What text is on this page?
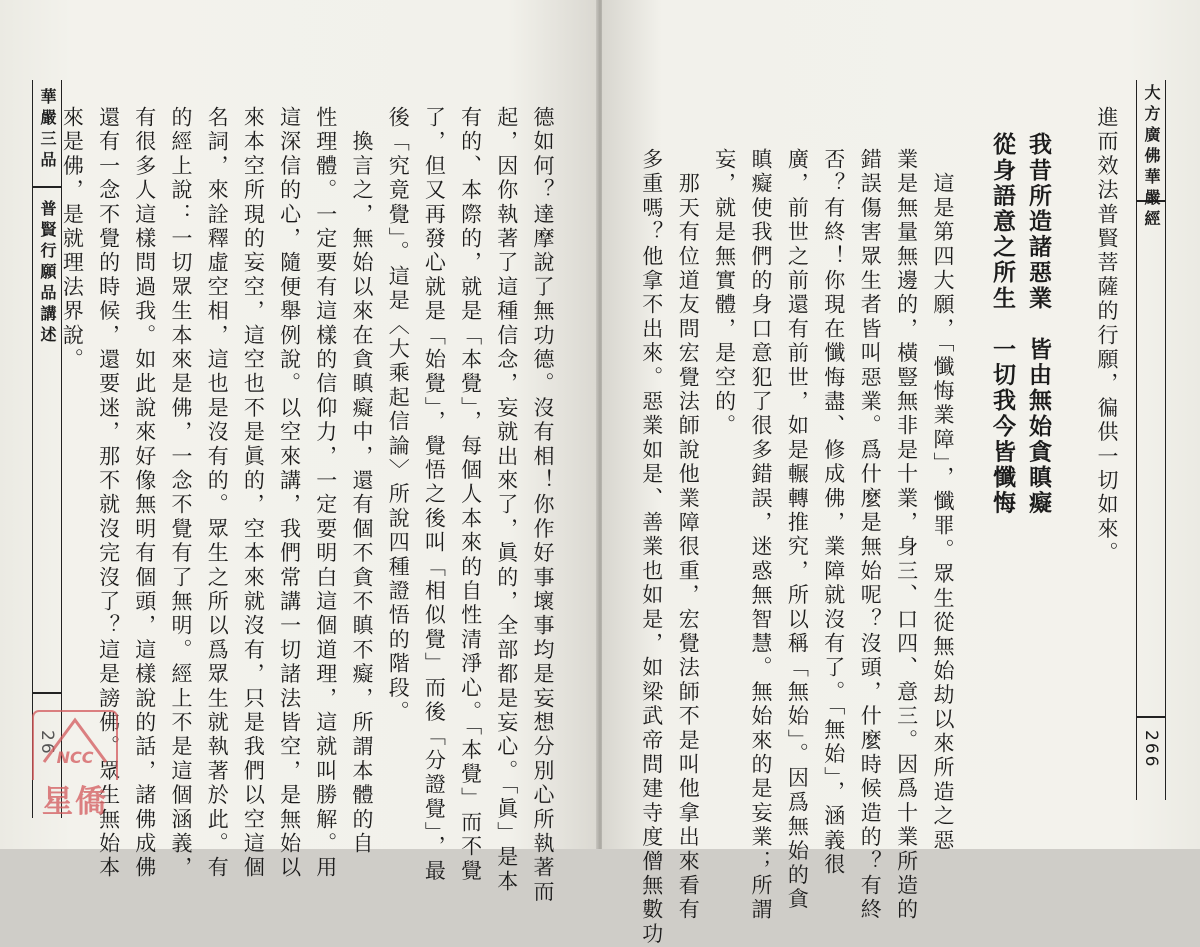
華嚴三品
普賢行願品講述
26	德如何？達摩說了無功德。沒有相！你作好事壞事均是妄想分別心所執著而
起，因你執著了這種信念，妄就出來了，眞的，全部都是妄心。「眞」是本
有的、本際的，就是「本覺」，每個人本來的自性清淨心。「本覺」而不覺
了，但又再發心就是「始覺」，覺悟之後叫「相似覺」而後「分證覺」，最
後「究竟覺」。這是〈大乘起信論〉所說四種證悟的階段。
　換言之，無始以來在貪瞋癡中，還有個不貪不瞋不癡，所謂本體的自
性理體。一定要有這樣的信仰力，一定要明白這個道理，這就叫勝解。用
這深信的心，隨便舉例說。以空來講，我們常講一切諸法皆空，是無始以
來本空所現的妄空，這空也不是眞的，空本來就沒有，只是我們以空這個
名詞，來詮釋虛空相，這也是沒有的。眾生之所以爲眾生就執著於此。有
的經上說：一切眾生本來是佛，一念不覺有了無明。經上不是這個涵義，
有很多人這樣問過我。如此說來好像無明有個頭，這樣說的話，諸佛成佛
還有一念不覺的時候，還要迷，那不就沒完沒了？這是謗佛。眾生無始本
來是佛，是就理法界說。	進而效法普賢菩薩的行願，徧供一切如來。
我昔所造諸惡業　皆由無始貪瞋癡
從身語意之所生　一切我今皆懺悔
　這是第四大願，「懺悔業障」，懺罪。眾生從無始劫以來所造之惡
業是無量無邊的，橫豎無非是十業，身三、口四、意三。因爲十業所造的
錯誤傷害眾生者皆叫惡業。爲什麼是無始呢？沒頭，什麼時候造的？有終
否？有終！你現在懺悔盡、修成佛，業障就沒有了。「無始」，涵義很
廣，前世之前還有前世，如是輾轉推究，所以稱「無始」。因爲無始的貪
瞋癡使我們的身口意犯了很多錯誤，迷惑無智慧。無始來的是妄業；所謂
妄，就是無實體，是空的。
　那天有位道友問宏覺法師說他業障很重，宏覺法師不是叫他拿出來看有
多重嗎？他拿不出來。惡業如是、善業也如是，如梁武帝問建寺度僧無數功	大方廣佛華嚴經
266
NCC
星僑
